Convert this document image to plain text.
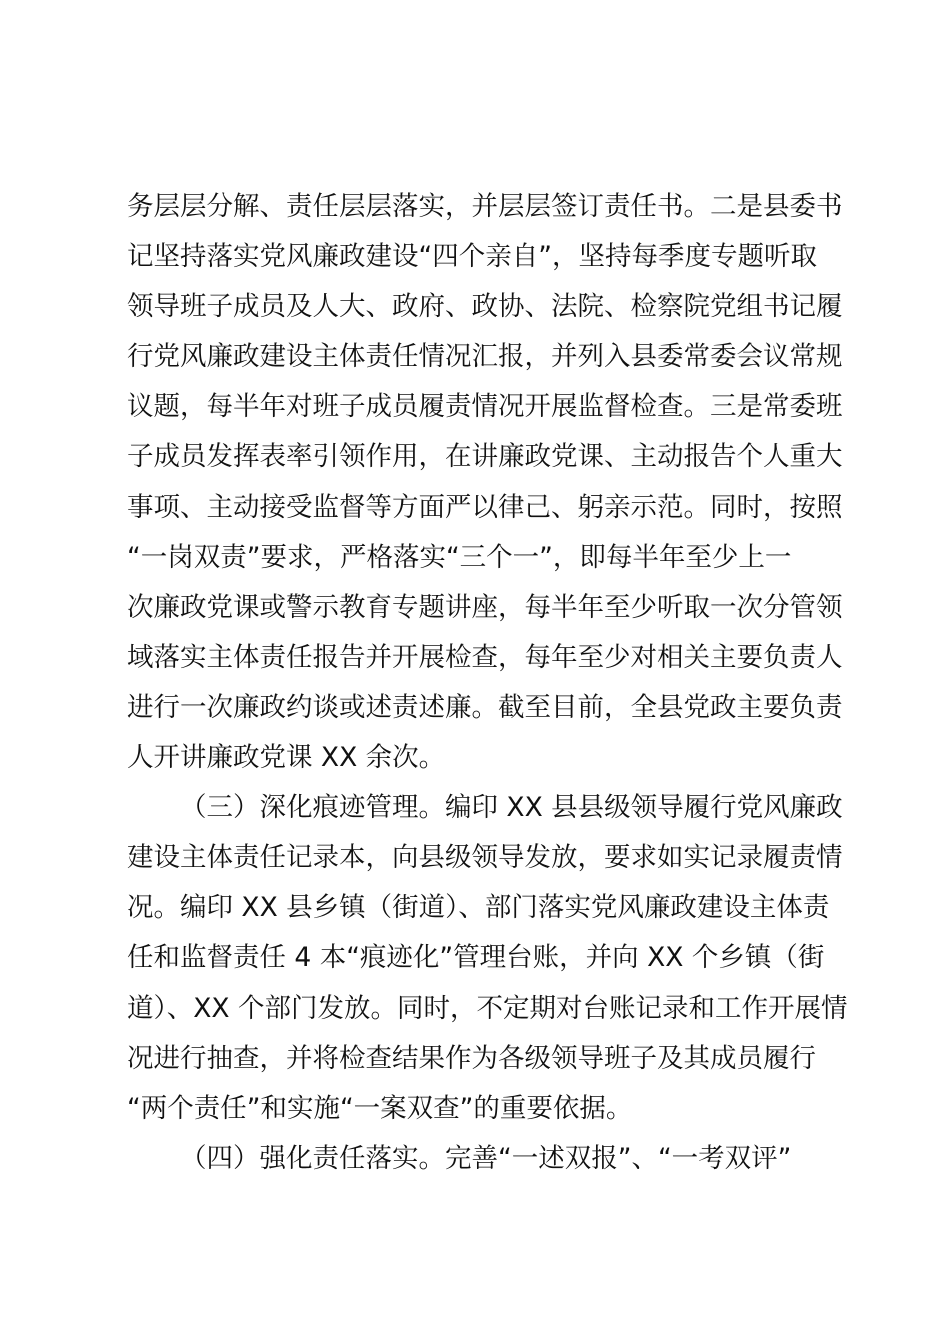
务层层分解、责任层层落实，并层层签订责任书。二是县委书
记坚持落实党风廉政建设“四个亲自”，坚持每季度专题听取
领导班子成员及人大、政府、政协、法院、检察院党组书记履
行党风廉政建设主体责任情况汇报，并列入县委常委会议常规
议题，每半年对班子成员履责情况开展监督检查。三是常委班
子成员发挥表率引领作用，在讲廉政党课、主动报告个人重大
事项、主动接受监督等方面严以律己、躬亲示范。同时，按照
“一岗双责”要求，严格落实“三个一”，即每半年至少上一
次廉政党课或警示教育专题讲座，每半年至少听取一次分管领
域落实主体责任报告并开展检查，每年至少对相关主要负责人
进行一次廉政约谈或述责述廉。截至目前，全县党政主要负责
人开讲廉政党课 XX 余次。
（三）深化痕迹管理。编印 XX 县县级领导履行党风廉政
建设主体责任记录本，向县级领导发放，要求如实记录履责情
况。编印 XX 县乡镇（街道）、部门落实党风廉政建设主体责
任和监督责任 4 本“痕迹化”管理台账，并向 XX 个乡镇（街
道）、XX 个部门发放。同时，不定期对台账记录和工作开展情
况进行抽查，并将检查结果作为各级领导班子及其成员履行
“两个责任”和实施“一案双查”的重要依据。
（四）强化责任落实。完善“一述双报”、“一考双评”
